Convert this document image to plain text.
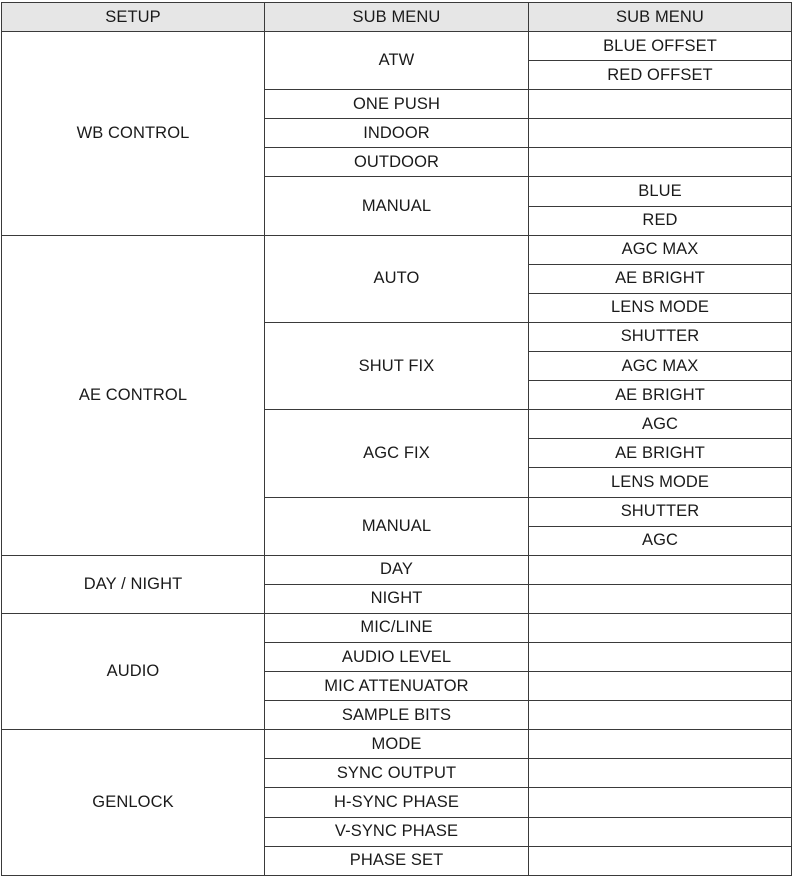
SETUP	SUB MENU	SUB MENU
WB CONTROL	ATW	BLUE OFFSET
		RED OFFSET
	ONE PUSH	
	INDOOR	
	OUTDOOR	
	MANUAL	BLUE
		RED
AE CONTROL	AUTO	AGC MAX
		AE BRIGHT
		LENS MODE
	SHUT FIX	SHUTTER
		AGC MAX
		AE BRIGHT
	AGC FIX	AGC
		AE BRIGHT
		LENS MODE
	MANUAL	SHUTTER
		AGC
DAY / NIGHT	DAY	
	NIGHT	
AUDIO	MIC/LINE	
	AUDIO LEVEL	
	MIC ATTENUATOR	
	SAMPLE BITS	
GENLOCK	MODE	
	SYNC OUTPUT	
	H-SYNC PHASE	
	V-SYNC PHASE	
	PHASE SET	
